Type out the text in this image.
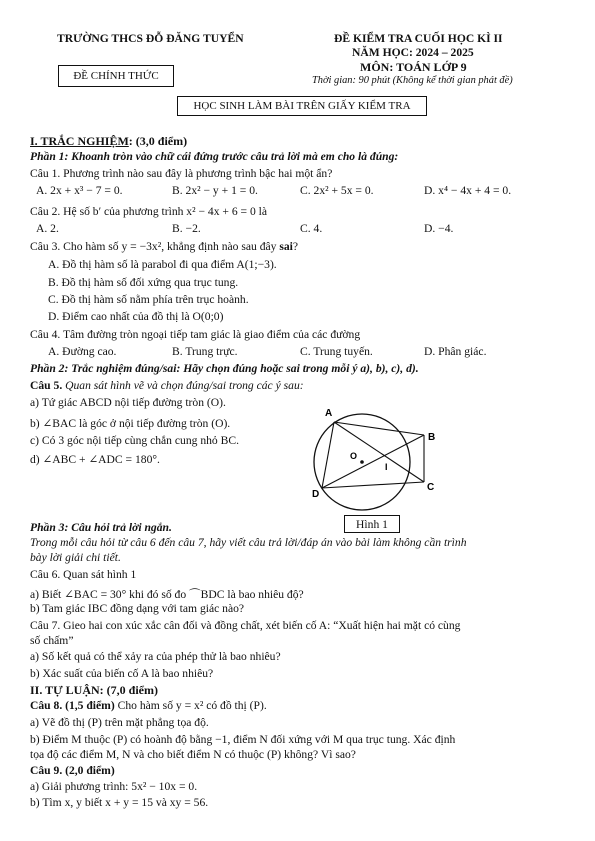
TRƯỜNG THCS ĐỖ ĐĂNG TUYỂN	ĐỀ KIỂM TRA CUỐI HỌC KÌ II
NĂM HỌC: 2024 – 2025
MÔN: TOÁN LỚP 9
ĐỀ CHÍNH THỨC	Thời gian: 90 phút (Không kể thời gian phát đề)
HỌC SINH LÀM BÀI TRÊN GIẤY KIỂM TRA
I. TRẮC NGHIỆM: (3,0 điểm)
Phần 1: Khoanh tròn vào chữ cái đứng trước câu trả lời mà em cho là đúng:
Câu 1. Phương trình nào sau đây là phương trình bậc hai một ẩn?
A. 2x + x³ − 7 = 0.	B. 2x² − y + 1 = 0.	C. 2x² + 5x = 0.	D. x⁴ − 4x + 4 = 0.
Câu 2. Hệ số b′ của phương trình x² − 4x + 6 = 0 là
A. 2.	B. −2.	C. 4.	D. −4.
Câu 3. Cho hàm số y = −3x², khẳng định nào sau đây sai?
A. Đồ thị hàm số là parabol đi qua điểm A(1;−3).
B. Đồ thị hàm số đối xứng qua trục tung.
C. Đồ thị hàm số nằm phía trên trục hoành.
D. Điểm cao nhất của đồ thị là O(0;0)
Câu 4. Tâm đường tròn ngoại tiếp tam giác là giao điểm của các đường
A. Đường cao.	B. Trung trực.	C. Trung tuyến.	D. Phân giác.
Phần 2: Trắc nghiệm đúng/sai: Hãy chọn đúng hoặc sai trong mỗi ý a), b), c), d).
Câu 5. Quan sát hình vẽ và chọn đúng/sai trong các ý sau:
a) Tứ giác ABCD nội tiếp đường tròn (O).
b) ∠BAC là góc ở nội tiếp đường tròn (O).
c) Có 3 góc nội tiếp cùng chắn cung nhỏ BC.
d) ∠ABC + ∠ADC = 180°.
A
B
C
D
O
I
Hình 1
Phần 3: Câu hỏi trả lời ngắn.
Trong mỗi câu hỏi từ câu 6 đến câu 7, hãy viết câu trả lời/đáp án vào bài làm không cần trình
bày lời giải chi tiết.
Câu 6. Quan sát hình 1
a) Biết ∠BAC = 30° khi đó số đo ⌒BDC là bao nhiêu độ?
b) Tam giác IBC đồng dạng với tam giác nào?
Câu 7. Gieo hai con xúc xắc cân đối và đồng chất, xét biến cố A: “Xuất hiện hai mặt có cùng
số chấm”
a) Số kết quả có thể xảy ra của phép thử là bao nhiêu?
b) Xác suất của biến cố A là bao nhiêu?
II. TỰ LUẬN: (7,0 điểm)
Câu 8. (1,5 điểm) Cho hàm số y = x² có đồ thị (P).
a) Vẽ đồ thị (P) trên mặt phẳng tọa độ.
b) Điểm M thuộc (P) có hoành độ bằng −1, điểm N đối xứng với M qua trục tung. Xác định
tọa độ các điểm M, N và cho biết điểm N có thuộc (P) không? Vì sao?
Câu 9. (2,0 điểm)
a) Giải phương trình: 5x² − 10x = 0.
b) Tìm x, y biết x + y = 15 và xy = 56.
